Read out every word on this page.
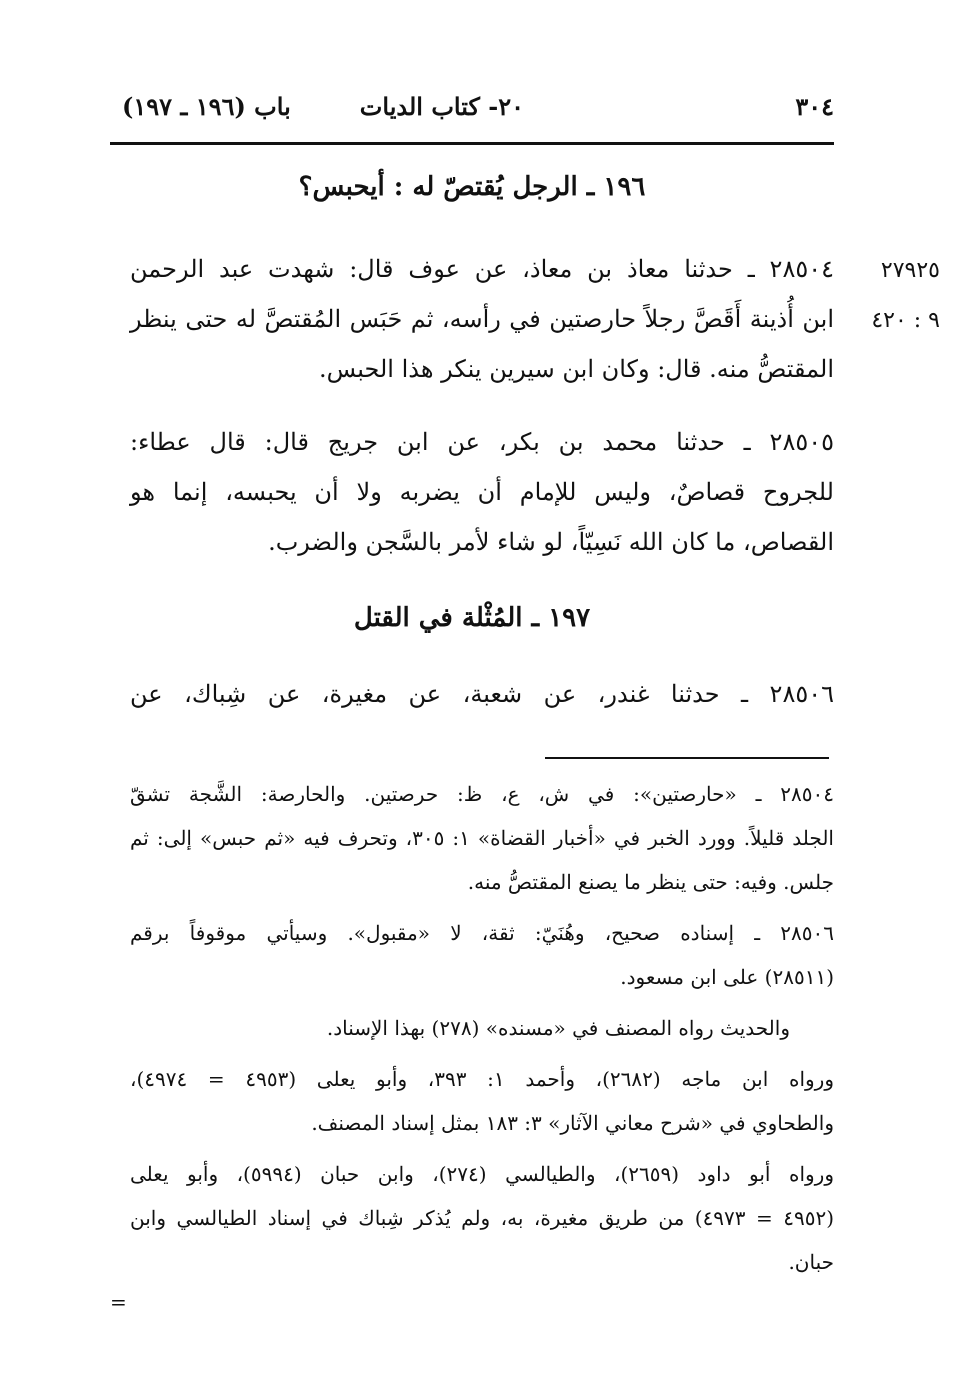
٣٠٤
٢٠- كتاب الديات
باب (١٩٦ ـ ١٩٧)
١٩٦ ـ الرجل يُقتصّ له : أيحبس؟
٢٧٩٢٥
٩ : ٤٢٠
٢٨٥٠٤ ـ حدثنا معاذ بن معاذ، عن عوف قال: شهدت عبد الرحمن
ابن أُذينة أَقَصَّ رجلاً حارصتين في رأسه، ثم حَبَس المُقتصَّ له حتى ينظر
المقتصُّ منه. قال: وكان ابن سيرين ينكر هذا الحبس.
٢٨٥٠٥ ـ حدثنا محمد بن بكر، عن ابن جريج قال: قال عطاء:
للجروح قصاصٌ، وليس للإمام أن يضربه ولا أن يحبسه، إنما هو
القصاص، ما كان الله نَسِيّاً، لو شاء لأمر بالسَّجن والضرب.
١٩٧ ـ المُثْلة في القتل
٢٨٥٠٦ ـ حدثنا غندر، عن شعبة، عن مغيرة، عن شِباك، عن
٢٨٥٠٤ ـ «حارصتين»: في ش، ع، ظ: حرصتين. والحارصة: الشَّجة تشقّ
الجلد قليلاً. وورد الخبر في «أخبار القضاة» ١: ٣٠٥، وتحرف فيه «ثم حبس» إلى: ثم
جلس. وفيه: حتى ينظر ما يصنع المقتصُّ منه.
٢٨٥٠٦ ـ إسناده صحيح، وهُنَيّ: ثقة، لا «مقبول». وسيأتي موقوفاً برقم
(٢٨٥١١) على ابن مسعود.
والحديث رواه المصنف في «مسنده» (٢٧٨) بهذا الإسناد.
ورواه ابن ماجه (٢٦٨٢)، وأحمد ١: ٣٩٣، وأبو يعلى (٤٩٥٣ = ٤٩٧٤)،
والطحاوي في «شرح معاني الآثار» ٣: ١٨٣ بمثل إسناد المصنف.
ورواه أبو داود (٢٦٥٩)، والطيالسي (٢٧٤)، وابن حبان (٥٩٩٤)، وأبو يعلى
(٤٩٥٢ = ٤٩٧٣) من طريق مغيرة، به، ولم يُذكر شِباك في إسناد الطيالسي وابن
حبان.
=
